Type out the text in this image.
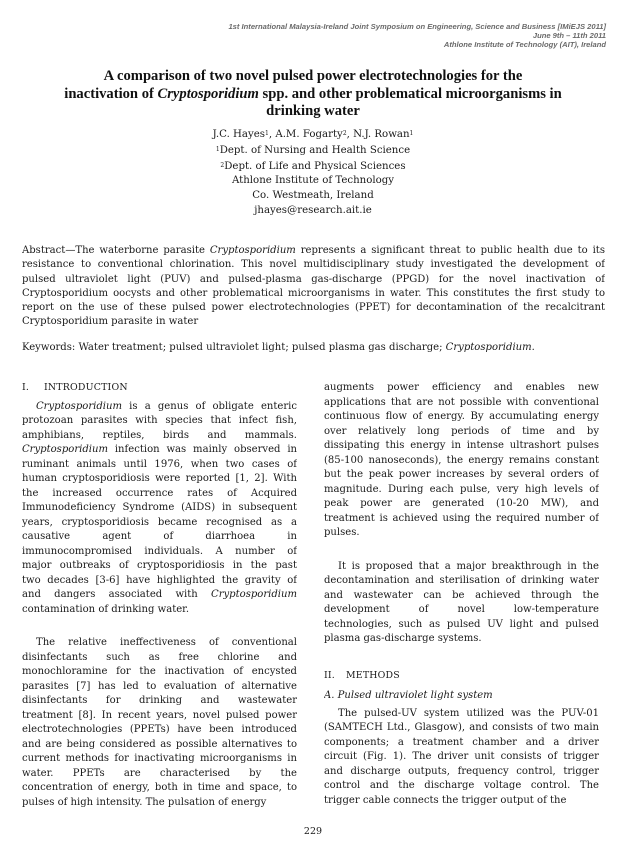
1st International Malaysia-Ireland Joint Symposium on Engineering, Science and Business [IMiEJS 2011]
June 9th – 11th 2011
Athlone Institute of Technology (AIT), Ireland
A comparison of two novel pulsed power electrotechnologies for the
inactivation of Cryptosporidium spp. and other problematical microorganisms in
drinking water
J.C. Hayes$^1$, A.M. Fogarty$^2$, N.J. Rowan$^1$
$^1$Dept. of Nursing and Health Science
$^2$Dept. of Life and Physical Sciences
Athlone Institute of Technology
Co. Westmeath, Ireland
jhayes@research.ait.ie
Abstract—The waterborne parasite Cryptosporidium represents a significant threat to public health due to its
resistance to conventional chlorination. This novel multidisciplinary study investigated the development of
pulsed ultraviolet light (PUV) and pulsed-plasma gas-discharge (PPGD) for the novel inactivation of
Cryptosporidium oocysts and other problematical microorganisms in water. This constitutes the first study to
report on the use of these pulsed power electrotechnologies (PPET) for decontamination of the recalcitrant
Cryptosporidium parasite in water
Keywords: Water treatment; pulsed ultraviolet light; pulsed plasma gas discharge; Cryptosporidium.
I. INTRODUCTION
Cryptosporidium is a genus of obligate enteric
protozoan parasites with species that infect fish,
amphibians, reptiles, birds and mammals.
Cryptosporidium infection was mainly observed in
ruminant animals until 1976, when two cases of
human cryptosporidiosis were reported [1, 2]. With
the increased occurrence rates of Acquired
Immunodeficiency Syndrome (AIDS) in subsequent
years, cryptosporidiosis became recognised as a
causative agent of diarrhoea in
immunocompromised individuals. A number of
major outbreaks of cryptosporidiosis in the past
two decades [3-6] have highlighted the gravity of
and dangers associated with Cryptosporidium
contamination of drinking water.
The relative ineffectiveness of conventional
disinfectants such as free chlorine and
monochloramine for the inactivation of encysted
parasites [7] has led to evaluation of alternative
disinfectants for drinking and wastewater
treatment [8]. In recent years, novel pulsed power
electrotechnologies (PPETs) have been introduced
and are being considered as possible alternatives to
current methods for inactivating microorganisms in
water. PPETs are characterised by the
concentration of energy, both in time and space, to
pulses of high intensity. The pulsation of energy
augments power efficiency and enables new
applications that are not possible with conventional
continuous flow of energy. By accumulating energy
over relatively long periods of time and by
dissipating this energy in intense ultrashort pulses
(85-100 nanoseconds), the energy remains constant
but the peak power increases by several orders of
magnitude. During each pulse, very high levels of
peak power are generated (10-20 MW), and
treatment is achieved using the required number of
pulses.
It is proposed that a major breakthrough in the
decontamination and sterilisation of drinking water
and wastewater can be achieved through the
development of novel low-temperature
technologies, such as pulsed UV light and pulsed
plasma gas-discharge systems.
II. METHODS
A. Pulsed ultraviolet light system
The pulsed-UV system utilized was the PUV-01
(SAMTECH Ltd., Glasgow), and consists of two main
components; a treatment chamber and a driver
circuit (Fig. 1). The driver unit consists of trigger
and discharge outputs, frequency control, trigger
control and the discharge voltage control. The
trigger cable connects the trigger output of the
229
